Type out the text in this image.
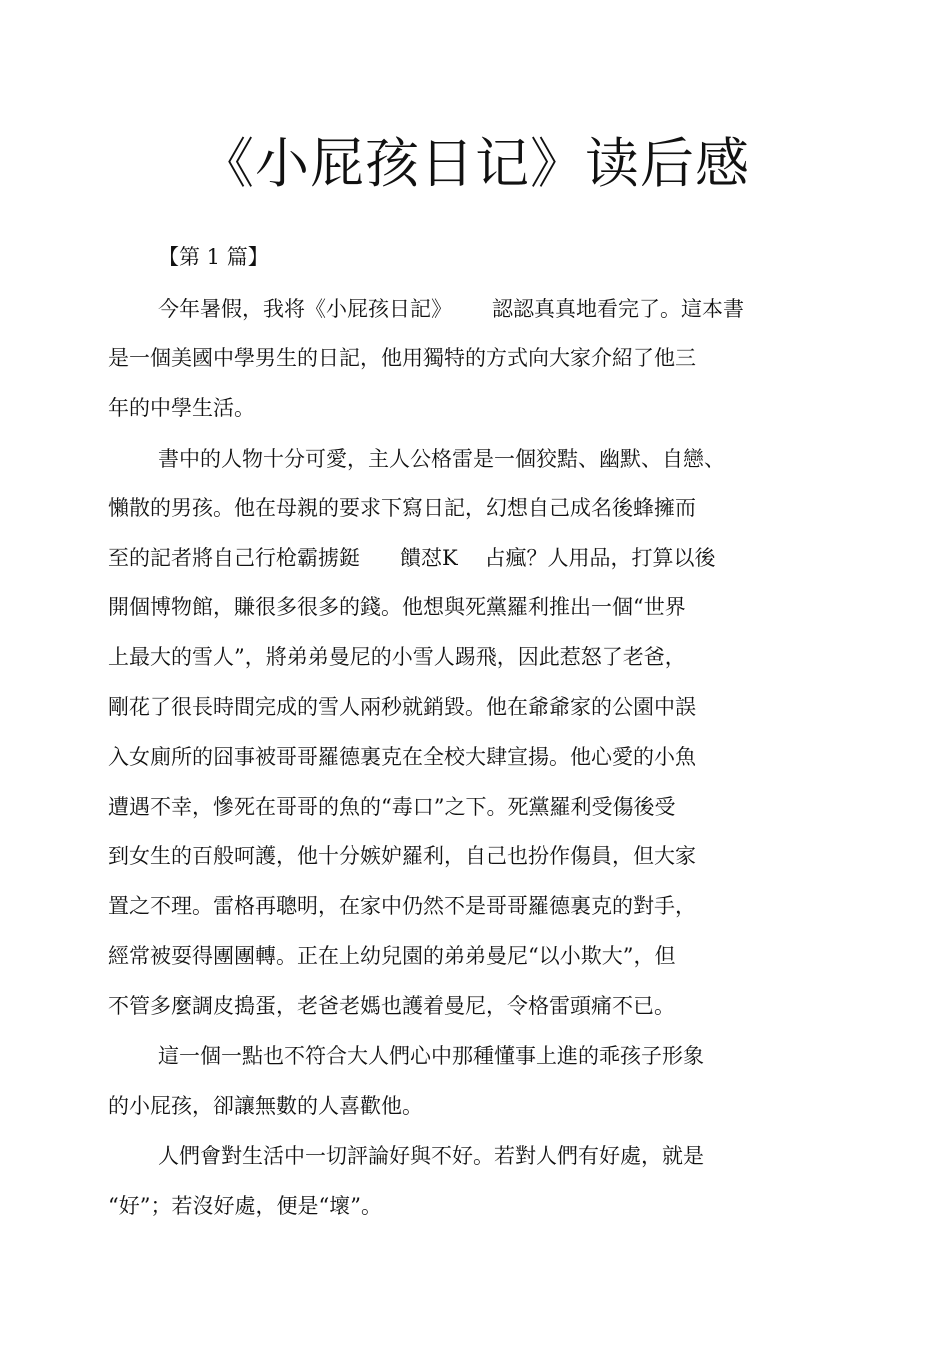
《小屁孩日记》读后感
【第 1 篇】
今年暑假，我将《小屁孩日記》      認認真真地看完了。這本書
是一個美國中學男生的日記，他用獨特的方式向大家介紹了他三
年的中學生活。
書中的人物十分可愛，主人公格雷是一個狡黠、幽默、自戀、
懶散的男孩。他在母親的要求下寫日記，幻想自己成名後蜂擁而
至的記者將自己行枪霸掳鋌      饋怼K    占瘋？人用品，打算以後
開個博物館，賺很多很多的錢。他想與死黨羅利推出一個“世界
上最大的雪人”，將弟弟曼尼的小雪人踢飛，因此惹怒了老爸，
剛花了很長時間完成的雪人兩秒就銷毀。他在爺爺家的公園中誤
入女廁所的囧事被哥哥羅德裏克在全校大肆宣揚。他心愛的小魚
遭遇不幸，慘死在哥哥的魚的“毒口”之下。死黨羅利受傷後受
到女生的百般呵護，他十分嫉妒羅利，自己也扮作傷員，但大家
置之不理。雷格再聰明，在家中仍然不是哥哥羅德裏克的對手，
經常被耍得團團轉。正在上幼兒園的弟弟曼尼“以小欺大”，但
不管多麼調皮搗蛋，老爸老媽也護着曼尼，令格雷頭痛不已。
這一個一點也不符合大人們心中那種懂事上進的乖孩子形象
的小屁孩，卻讓無數的人喜歡他。
人們會對生活中一切評論好與不好。若對人們有好處，就是
“好”；若沒好處，便是“壞”。
